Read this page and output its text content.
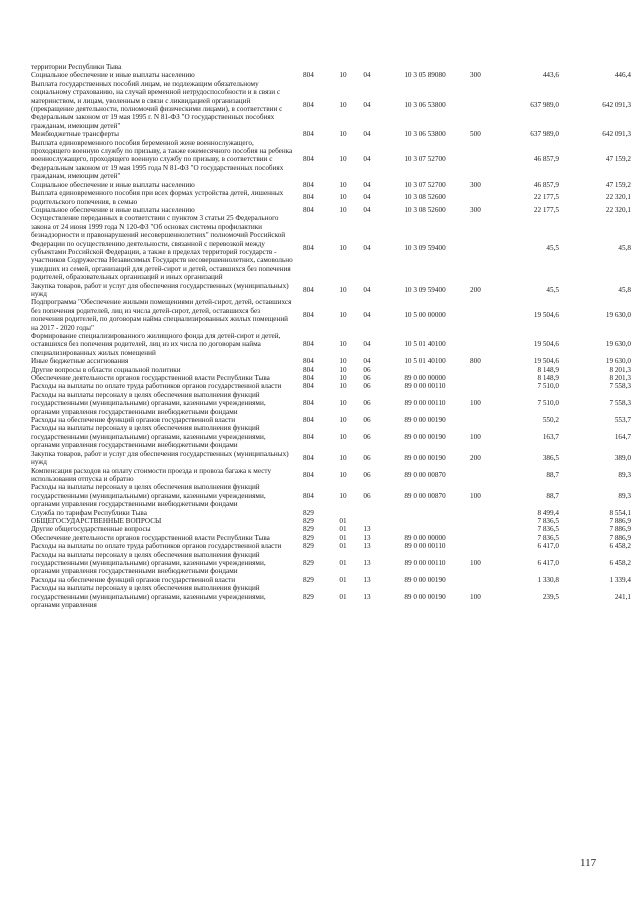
территории Республики Тыва							
Социальное обеспечение и иные выплаты населению	804	10	04	10 3 05 89080	300	443,6	446,4
Выплата государственных пособий лицам, не подлежащим обязательному социальному страхованию, на случай временной нетрудоспособности и в связи с материнством, и лицам, уволенным в связи с ликвидацией организаций (прекращение деятельности, полномочий физическими лицами), в соответствии с Федеральным законом от 19 мая 1995 г. N 81-ФЗ "О государственных пособиях гражданам, имеющим детей"	804	10	04	10 3 06 53800		637 989,0	642 091,3
Межбюджетные трансферты	804	10	04	10 3 06 53800	500	637 989,0	642 091,3
Выплата единовременного пособия беременной жене военнослужащего, проходящего военную службу по призыву, а также ежемесячного пособия на ребенка военнослужащего, проходящего военную службу по призыву, в соответствии с Федеральным законом от 19 мая 1995 года N 81-ФЗ "О государственных пособиях гражданам, имеющим детей"	804	10	04	10 3 07 52700		46 857,9	47 159,2
Социальное обеспечение и иные выплаты населению	804	10	04	10 3 07 52700	300	46 857,9	47 159,2
Выплата единовременного пособия при всех формах устройства детей, лишенных родительского попечения, в семью	804	10	04	10 3 08 52600		22 177,5	22 320,1
Социальное обеспечение и иные выплаты населению	804	10	04	10 3 08 52600	300	22 177,5	22 320,1
Осуществление переданных в соответствии с пунктом 3 статьи 25 Федерального закона от 24 июня 1999 года N 120-ФЗ "Об основах системы профилактики безнадзорности и правонарушений несовершеннолетних" полномочий Российской Федерации по осуществлению деятельности, связанной с перевозкой между субъектами Российской Федерации, а также в пределах территорий государств - участников Содружества Независимых Государств несовершеннолетних, самовольно ушедших из семей, организаций для детей-сирот и детей, оставшихся без попечения родителей, образовательных организаций и иных организаций	804	10	04	10 3 09 59400		45,5	45,8
Закупка товаров, работ и услуг для обеспечения государственных (муниципальных) нужд	804	10	04	10 3 09 59400	200	45,5	45,8
Подпрограмма "Обеспечение жилыми помещениями детей-сирот, детей, оставшихся без попечения родителей, лиц из числа детей-сирот, детей, оставшихся без попечения родителей, по договорам найма специализированных жилых помещений на 2017 - 2020 годы"	804	10	04	10 5 00 00000		19 504,6	19 630,0
Формирование специализированного жилищного фонда для детей-сирот и детей, оставшихся без попечения родителей, лиц из их числа по договорам найма специализированных жилых помещений	804	10	04	10 5 01 40100		19 504,6	19 630,0
Иные бюджетные ассигнования	804	10	04	10 5 01 40100	800	19 504,6	19 630,0
Другие вопросы в области социальной политики	804	10	06			8 148,9	8 201,3
Обеспечение деятельности органов государственной власти Республики Тыва	804	10	06	89 0 00 00000		8 148,9	8 201,3
Расходы на выплаты по оплате труда работников органов государственной власти	804	10	06	89 0 00 00110		7 510,0	7 558,3
Расходы на выплаты персоналу в целях обеспечения выполнения функций государственными (муниципальными) органами, казенными учреждениями, органами управления государственными внебюджетными фондами	804	10	06	89 0 00 00110	100	7 510,0	7 558,3
Расходы на обеспечение функций органов государственной власти	804	10	06	89 0 00 00190		550,2	553,7
Расходы на выплаты персоналу в целях обеспечения выполнения функций государственными (муниципальными) органами, казенными учреждениями, органами управления государственными внебюджетными фондами	804	10	06	89 0 00 00190	100	163,7	164,7
Закупка товаров, работ и услуг для обеспечения государственных (муниципальных) нужд	804	10	06	89 0 00 00190	200	386,5	389,0
Компенсация расходов на оплату стоимости проезда и провоза багажа к месту использования отпуска и обратно	804	10	06	89 0 00 00870		88,7	89,3
Расходы на выплаты персоналу в целях обеспечения выполнения функций государственными (муниципальными) органами, казенными учреждениями, органами управления государственными внебюджетными фондами	804	10	06	89 0 00 00870	100	88,7	89,3
Служба по тарифам Республики Тыва	829					8 499,4	8 554,1
ОБЩЕГОСУДАРСТВЕННЫЕ ВОПРОСЫ	829	01				7 836,5	7 886,9
Другие общегосударственные вопросы	829	01	13			7 836,5	7 886,9
Обеспечение деятельности органов государственной власти Республики Тыва	829	01	13	89 0 00 00000		7 836,5	7 886,9
Расходы на выплаты по оплате труда работников органов государственной власти	829	01	13	89 0 00 00110		6 417,0	6 458,2
Расходы на выплаты персоналу в целях обеспечения выполнения функций государственными (муниципальными) органами, казенными учреждениями, органами управления государственными внебюджетными фондами	829	01	13	89 0 00 00110	100	6 417,0	6 458,2
Расходы на обеспечение функций органов государственной власти	829	01	13	89 0 00 00190		1 330,8	1 339,4
Расходы на выплаты персоналу в целях обеспечения выполнения функций государственными (муниципальными) органами, казенными учреждениями, органами управления	829	01	13	89 0 00 00190	100	239,5	241,1
117
